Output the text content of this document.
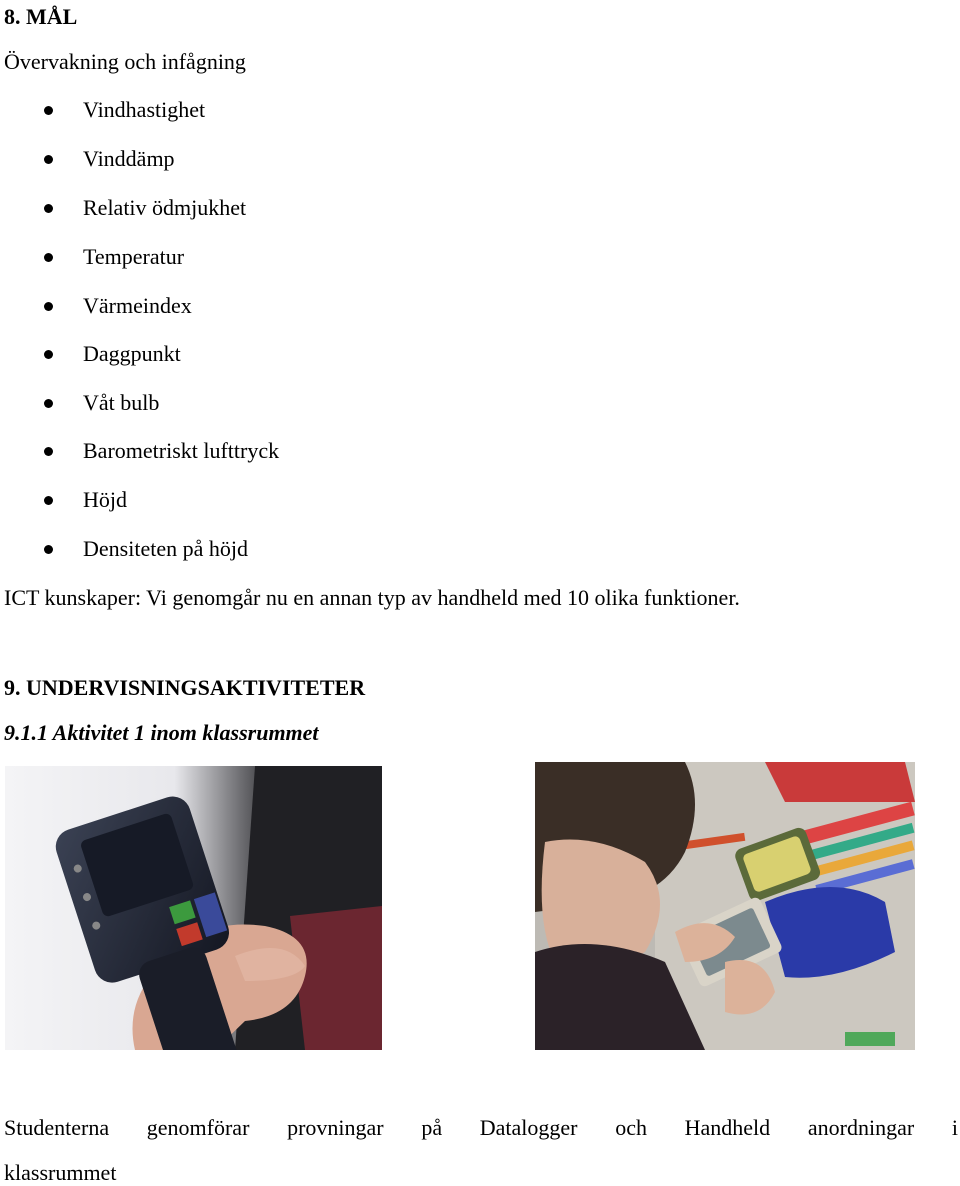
8. MÅL
Övervakning och infågning
Vindhastighet
Vinddämp
Relativ ödmjukhet
Temperatur
Värmeindex
Daggpunkt
Våt bulb
Barometriskt lufttryck
Höjd
Densiteten på höjd
ICT kunskaper: Vi genomgår nu en annan typ av handheld med 10 olika funktioner.
9. UNDERVISNINGSAKTIVITETER
9.1.1 Aktivitet 1 inom klassrummet
Studenterna genomförar provningar på Datalogger och Handheld anordningar i
klassrummet
